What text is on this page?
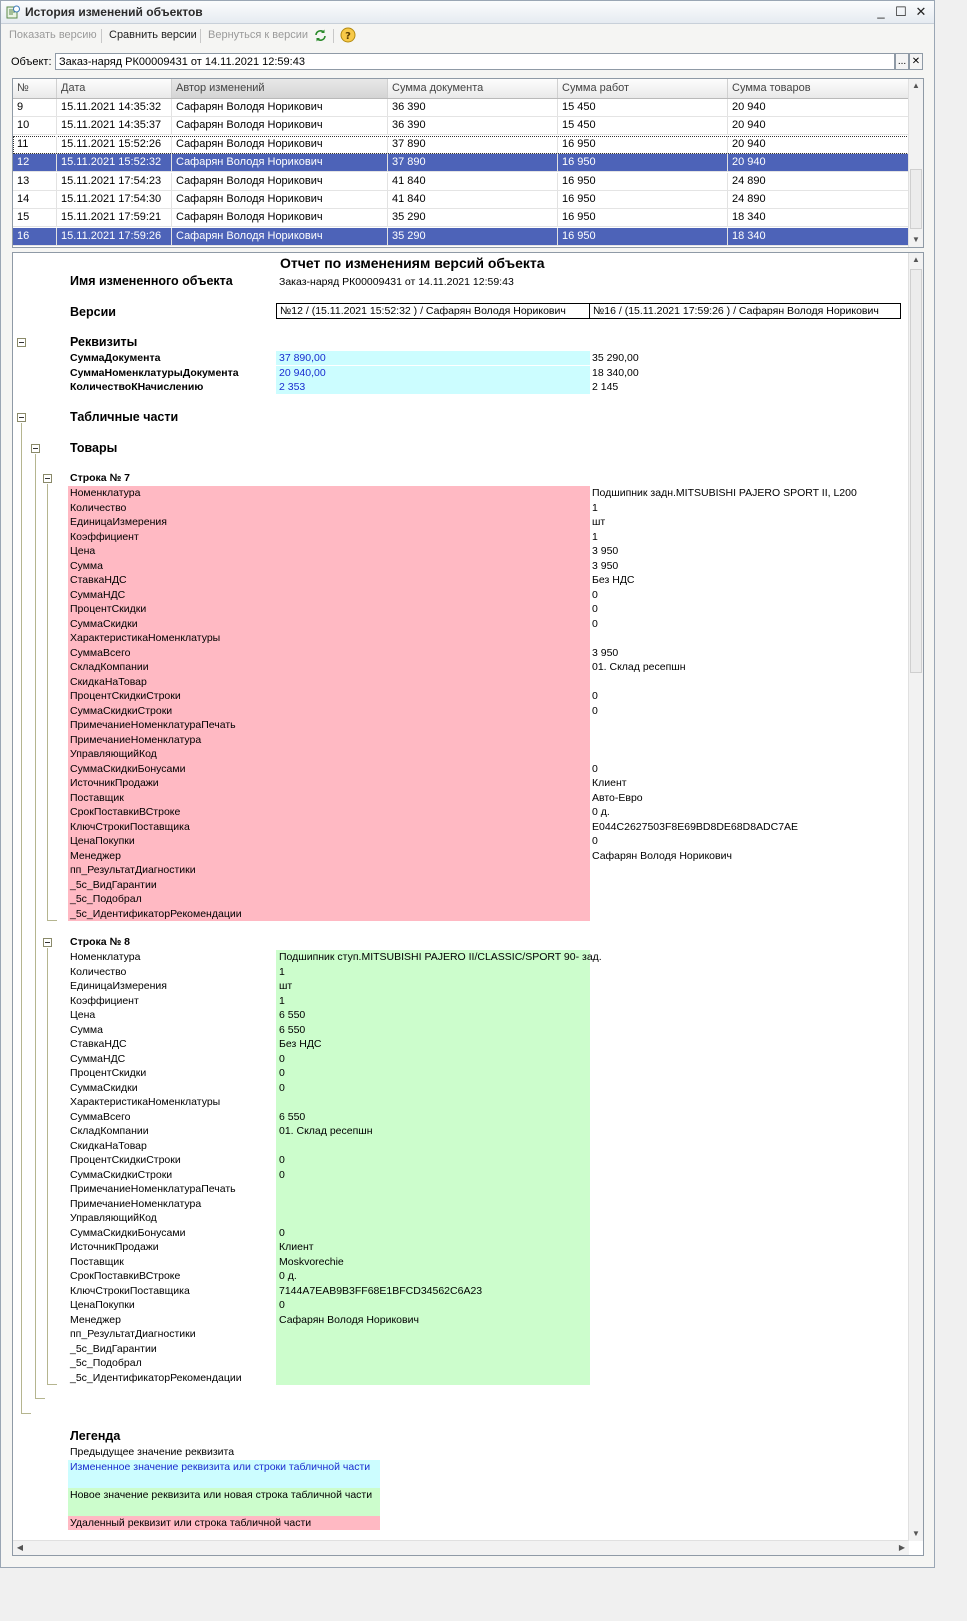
История изменений объектов	_ ☐ ✕
Показать версию Сравнить версии Вернуться к версии	?
Объект: Заказ-наряд РК00009431 от 14.11.2021 12:59:43	... ✕
№	Дата	Автор изменений	Сумма документа	Сумма работ	Сумма товаров
9	15.11.2021 14:35:32	Сафарян Володя Норикович	36 390	15 450	20 940
10	15.11.2021 14:35:37	Сафарян Володя Норикович	36 390	15 450	20 940
11	15.11.2021 15:52:26	Сафарян Володя Норикович	37 890	16 950	20 940
12	15.11.2021 15:52:32	Сафарян Володя Норикович	37 890	16 950	20 940
13	15.11.2021 17:54:23	Сафарян Володя Норикович	41 840	16 950	24 890
14	15.11.2021 17:54:30	Сафарян Володя Норикович	41 840	16 950	24 890
15	15.11.2021 17:59:21	Сафарян Володя Норикович	35 290	16 950	18 340
16	15.11.2021 17:59:26	Сафарян Володя Норикович	35 290	16 950	18 340
▲
▼
Отчет по изменениям версий объекта
Имя измененного объекта	Заказ-наряд РК00009431 от 14.11.2021 12:59:43
Версии	№12 / (15.11.2021 15:52:32 ) / Сафарян Володя Норикович	№16 / (15.11.2021 17:59:26 ) / Сафарян Володя Норикович
Реквизиты
СуммаДокумента	37 890,00	35 290,00
СуммаНоменклатурыДокумента	20 940,00	18 340,00
КоличествоКНачислению	2 353	2 145
Табличные части
Товары
Строка № 7
Номенклатура	Подшипник задн.MITSUBISHI PAJERO SPORT II, L200
Количество	1
ЕдиницаИзмерения	шт
Коэффициент	1
Цена	3 950
Сумма	3 950
СтавкаНДС	Без НДС
СуммаНДС	0
ПроцентСкидки	0
СуммаСкидки	0
ХарактеристикаНоменклатуры
СуммаВсего	3 950
СкладКомпании	01. Склад ресепшн
СкидкаНаТовар
ПроцентСкидкиСтроки	0
СуммаСкидкиСтроки	0
ПримечаниеНоменклатураПечать
ПримечаниеНоменклатура
УправляющийКод
СуммаСкидкиБонусами	0
ИсточникПродажи	Клиент
Поставщик	Авто-Евро
СрокПоставкиВСтроке	0 д.
КлючСтрокиПоставщика	E044C2627503F8E69BD8DE68D8ADC7AE
ЦенаПокупки	0
Менеджер	Сафарян Володя Норикович
пп_РезультатДиагностики
_5с_ВидГарантии
_5с_Подобрал
_5с_ИдентификаторРекомендации
Строка № 8
Номенклатура	Подшипник ступ.MITSUBISHI PAJERO II/CLASSIC/SPORT 90- зад.
Количество	1
ЕдиницаИзмерения	шт
Коэффициент	1
Цена	6 550
Сумма	6 550
СтавкаНДС	Без НДС
СуммаНДС	0
ПроцентСкидки	0
СуммаСкидки	0
ХарактеристикаНоменклатуры
СуммаВсего	6 550
СкладКомпании	01. Склад ресепшн
СкидкаНаТовар
ПроцентСкидкиСтроки	0
СуммаСкидкиСтроки	0
ПримечаниеНоменклатураПечать
ПримечаниеНоменклатура
УправляющийКод
СуммаСкидкиБонусами	0
ИсточникПродажи	Клиент
Поставщик	Moskvorechie
СрокПоставкиВСтроке	0 д.
КлючСтрокиПоставщика	7144A7EAB9B3FF68E1BFCD34562C6A23
ЦенаПокупки	0
Менеджер	Сафарян Володя Норикович
пп_РезультатДиагностики
_5с_ВидГарантии
_5с_Подобрал
_5с_ИдентификаторРекомендации
Легенда
Предыдущее значение реквизита
Измененное значение реквизита или строки табличной части
Новое значение реквизита или новая строка табличной части
Удаленный реквизит или строка табличной части
▲
▼
◀	▶
